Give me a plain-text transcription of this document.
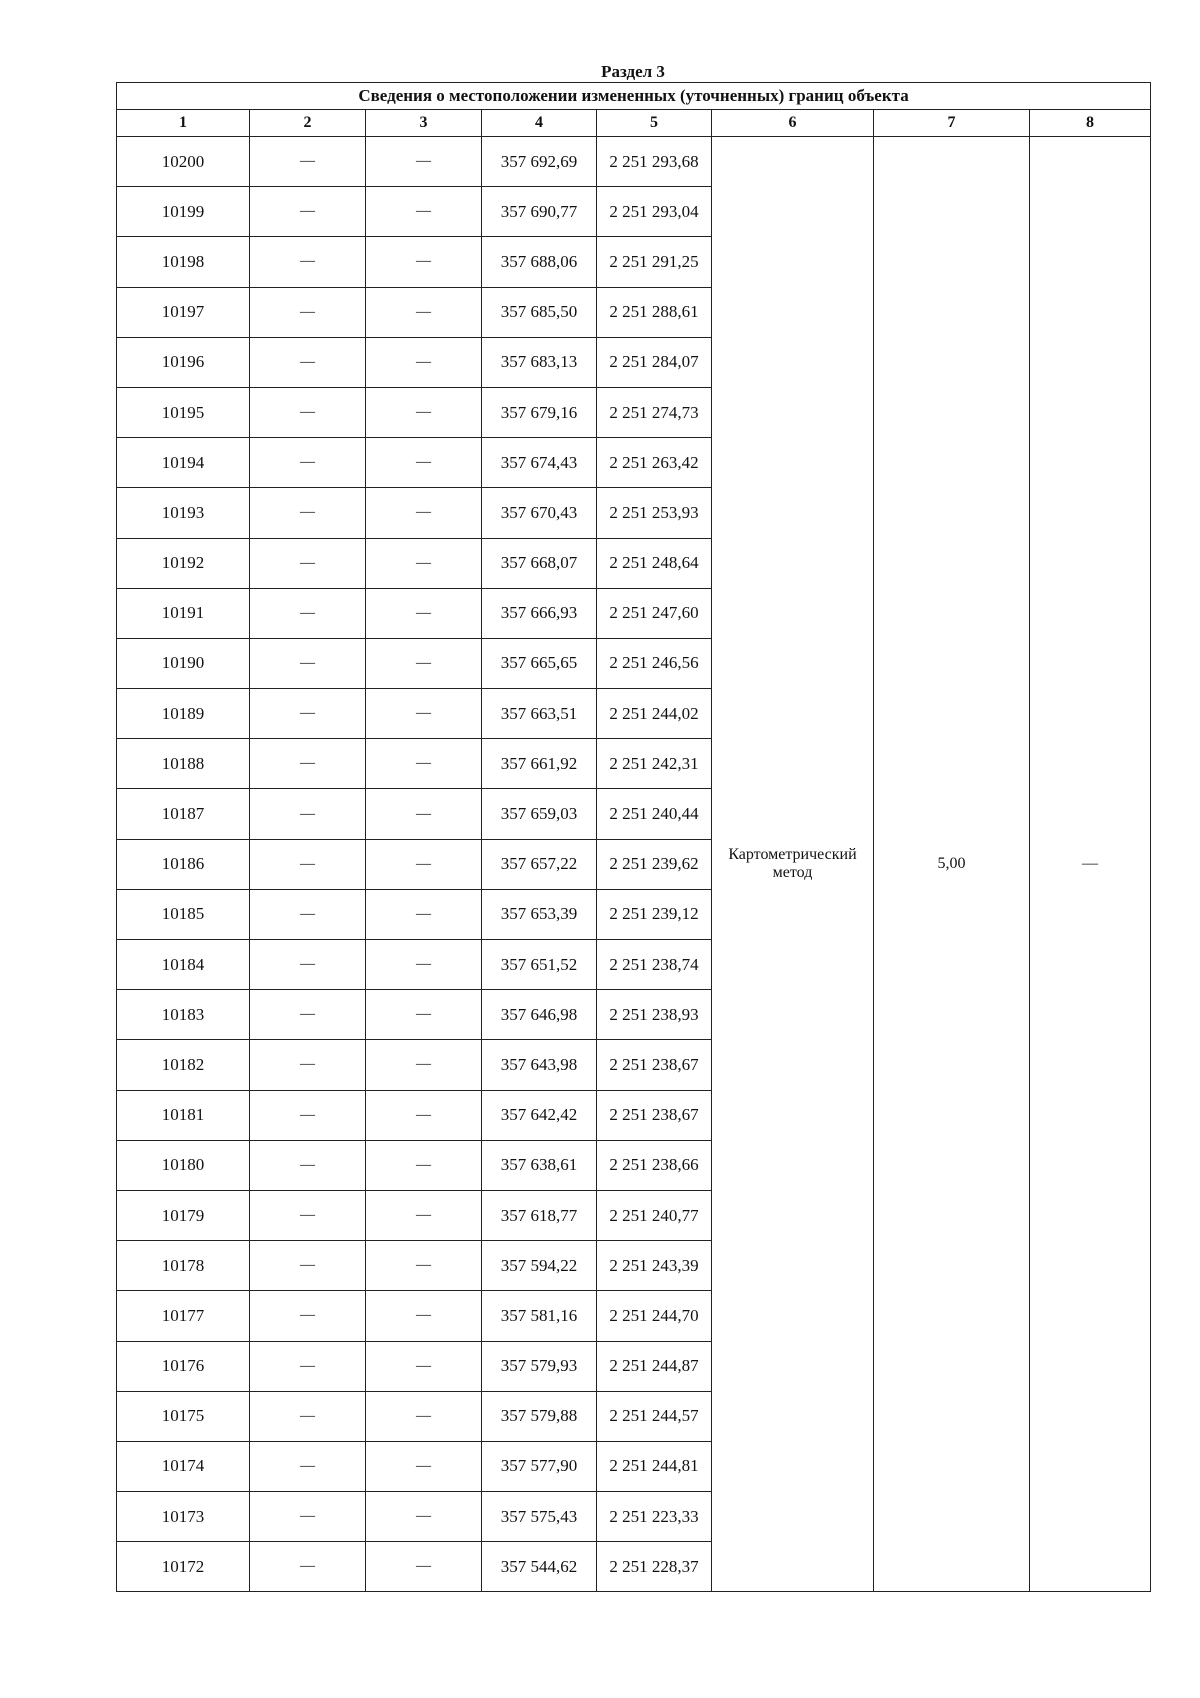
Раздел 3
Сведения о местоположении измененных (уточненных) границ объекта							
1	2	3	4	5	6	7	8
10200	—	—	357 692,69	2 251 293,68	Картометрический
метод	5,00	—
10199	—	—	357 690,77	2 251 293,04			
10198	—	—	357 688,06	2 251 291,25			
10197	—	—	357 685,50	2 251 288,61			
10196	—	—	357 683,13	2 251 284,07			
10195	—	—	357 679,16	2 251 274,73			
10194	—	—	357 674,43	2 251 263,42			
10193	—	—	357 670,43	2 251 253,93			
10192	—	—	357 668,07	2 251 248,64			
10191	—	—	357 666,93	2 251 247,60			
10190	—	—	357 665,65	2 251 246,56			
10189	—	—	357 663,51	2 251 244,02			
10188	—	—	357 661,92	2 251 242,31			
10187	—	—	357 659,03	2 251 240,44			
10186	—	—	357 657,22	2 251 239,62			
10185	—	—	357 653,39	2 251 239,12			
10184	—	—	357 651,52	2 251 238,74			
10183	—	—	357 646,98	2 251 238,93			
10182	—	—	357 643,98	2 251 238,67			
10181	—	—	357 642,42	2 251 238,67			
10180	—	—	357 638,61	2 251 238,66			
10179	—	—	357 618,77	2 251 240,77			
10178	—	—	357 594,22	2 251 243,39			
10177	—	—	357 581,16	2 251 244,70			
10176	—	—	357 579,93	2 251 244,87			
10175	—	—	357 579,88	2 251 244,57			
10174	—	—	357 577,90	2 251 244,81			
10173	—	—	357 575,43	2 251 223,33			
10172	—	—	357 544,62	2 251 228,37			
